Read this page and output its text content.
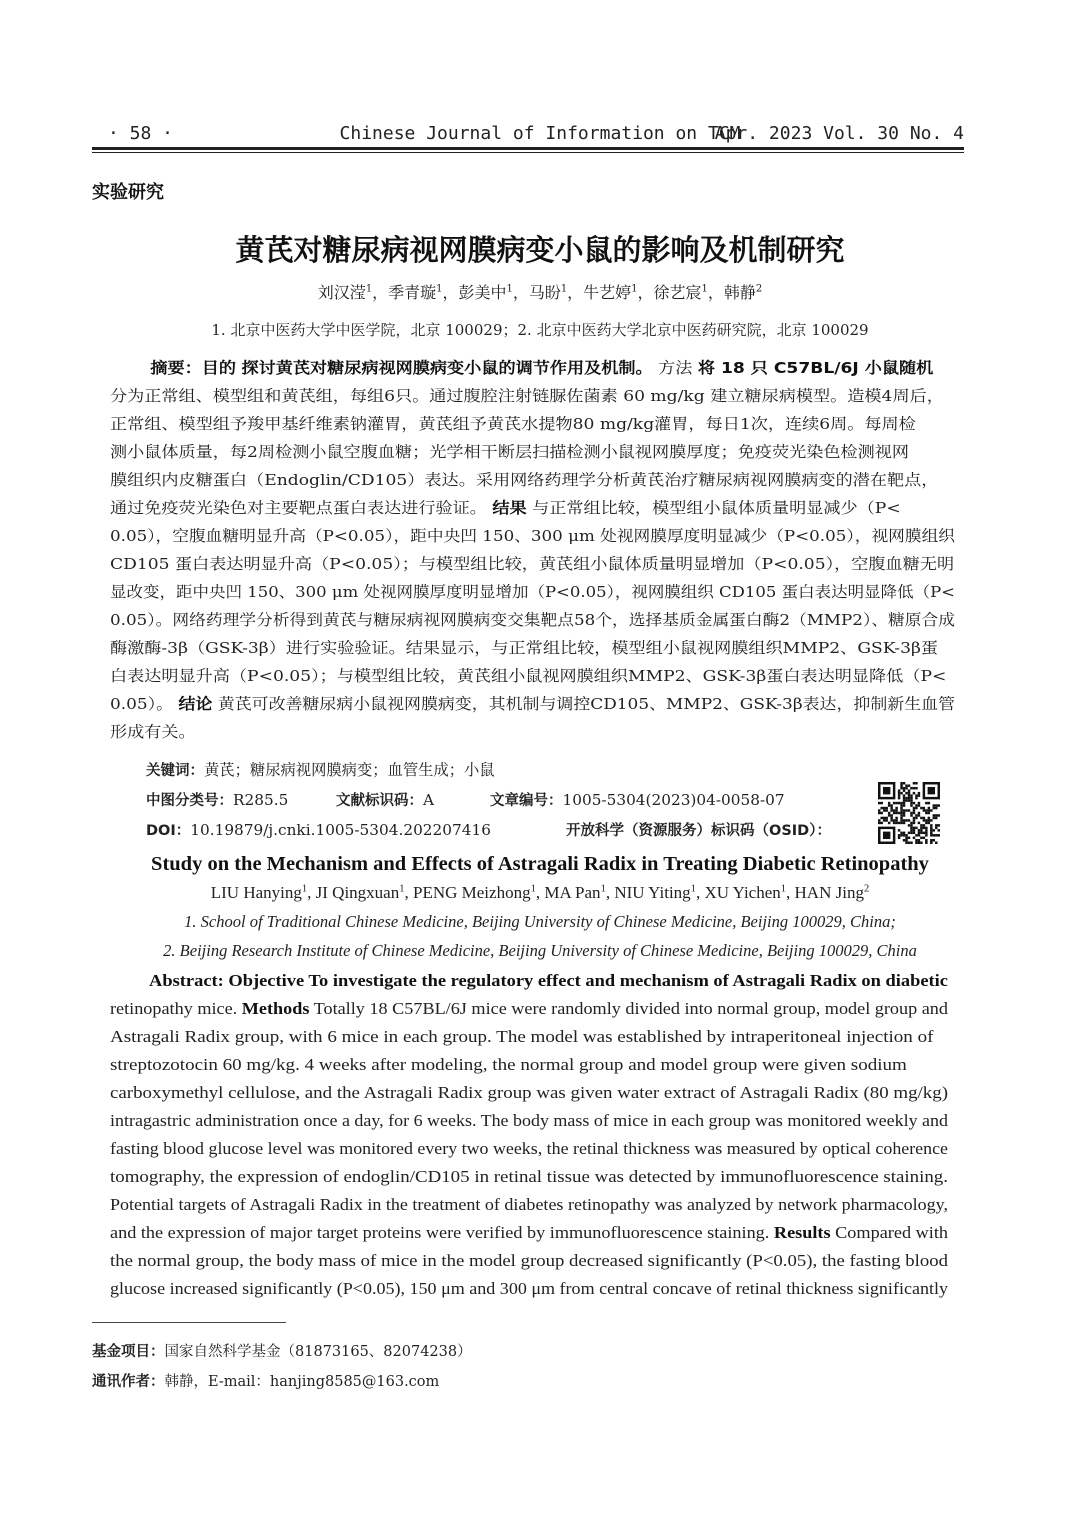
· 58 ·	Chinese Journal of Information on TCM
Apr. 2023 Vol. 30 No. 4
实验研究
黄芪对糖尿病视网膜病变小鼠的影响及机制研究
刘汉滢$^1$，季青璇$^1$，彭美中$^1$，马盼$^1$，牛艺婷$^1$，徐艺宸$^1$，韩静$^2$
1. 北京中医药大学中医学院，北京 100029；2. 北京中医药大学北京中医药研究院，北京 100029
摘要：目的 探讨黄芪对糖尿病视网膜病变小鼠的调节作用及机制。 方法 将 18 只 C57BL/6J 小鼠随机
分为正常组、模型组和黄芪组，每组6只。通过腹腔注射链脲佐菌素 60 mg/kg 建立糖尿病模型。造模4周后，
正常组、模型组予羧甲基纤维素钠灌胃，黄芪组予黄芪水提物80 mg/kg灌胃，每日1次，连续6周。每周检
测小鼠体质量，每2周检测小鼠空腹血糖；光学相干断层扫描检测小鼠视网膜厚度；免疫荧光染色检测视网
膜组织内皮糖蛋白（Endoglin/CD105）表达。采用网络药理学分析黄芪治疗糖尿病视网膜病变的潜在靶点，
通过免疫荧光染色对主要靶点蛋白表达进行验证。 结果 与正常组比较，模型组小鼠体质量明显减少（P<
0.05），空腹血糖明显升高（P<0.05），距中央凹 150、300 μm 处视网膜厚度明显减少（P<0.05），视网膜组织
CD105 蛋白表达明显升高（P<0.05）；与模型组比较，黄芪组小鼠体质量明显增加（P<0.05），空腹血糖无明
显改变，距中央凹 150、300 μm 处视网膜厚度明显增加（P<0.05），视网膜组织 CD105 蛋白表达明显降低（P<
0.05）。网络药理学分析得到黄芪与糖尿病视网膜病变交集靶点58个，选择基质金属蛋白酶2（MMP2）、糖原合成
酶激酶-3β（GSK-3β）进行实验验证。结果显示，与正常组比较，模型组小鼠视网膜组织MMP2、GSK-3β蛋
白表达明显升高（P<0.05）；与模型组比较，黄芪组小鼠视网膜组织MMP2、GSK-3β蛋白表达明显降低（P<
0.05）。 结论 黄芪可改善糖尿病小鼠视网膜病变，其机制与调控CD105、MMP2、GSK-3β表达，抑制新生血管
形成有关。
关键词：黄芪；糖尿病视网膜病变；血管生成；小鼠
中图分类号：R285.5	文献标识码：A	文章编号：1005-5304(2023)04-0058-07
DOI：10.19879/j.cnki.1005-5304.202207416	开放科学（资源服务）标识码（OSID）：
Study on the Mechanism and Effects of Astragali Radix in Treating Diabetic Retinopathy
LIU Hanying$^1$, JI Qingxuan$^1$, PENG Meizhong$^1$, MA Pan$^1$, NIU Yiting$^1$, XU Yichen$^1$, HAN Jing$^2$
1. School of Traditional Chinese Medicine, Beijing University of Chinese Medicine, Beijing 100029, China;
2. Beijing Research Institute of Chinese Medicine, Beijing University of Chinese Medicine, Beijing 100029, China
Abstract: Objective To investigate the regulatory effect and mechanism of Astragali Radix on diabetic
retinopathy mice. Methods Totally 18 C57BL/6J mice were randomly divided into normal group, model group and
Astragali Radix group, with 6 mice in each group. The model was established by intraperitoneal injection of
streptozotocin 60 mg/kg. 4 weeks after modeling, the normal group and model group were given sodium
carboxymethyl cellulose, and the Astragali Radix group was given water extract of Astragali Radix (80 mg/kg)
intragastric administration once a day, for 6 weeks. The body mass of mice in each group was monitored weekly and
fasting blood glucose level was monitored every two weeks, the retinal thickness was measured by optical coherence
tomography, the expression of endoglin/CD105 in retinal tissue was detected by immunofluorescence staining.
Potential targets of Astragali Radix in the treatment of diabetes retinopathy was analyzed by network pharmacology,
and the expression of major target proteins were verified by immunofluorescence staining. Results Compared with
the normal group, the body mass of mice in the model group decreased significantly (P<0.05), the fasting blood
glucose increased significantly (P<0.05), 150 μm and 300 μm from central concave of retinal thickness significantly
基金项目：国家自然科学基金（81873165、82074238）
通讯作者：韩静，E-mail：hanjing8585@163.com
